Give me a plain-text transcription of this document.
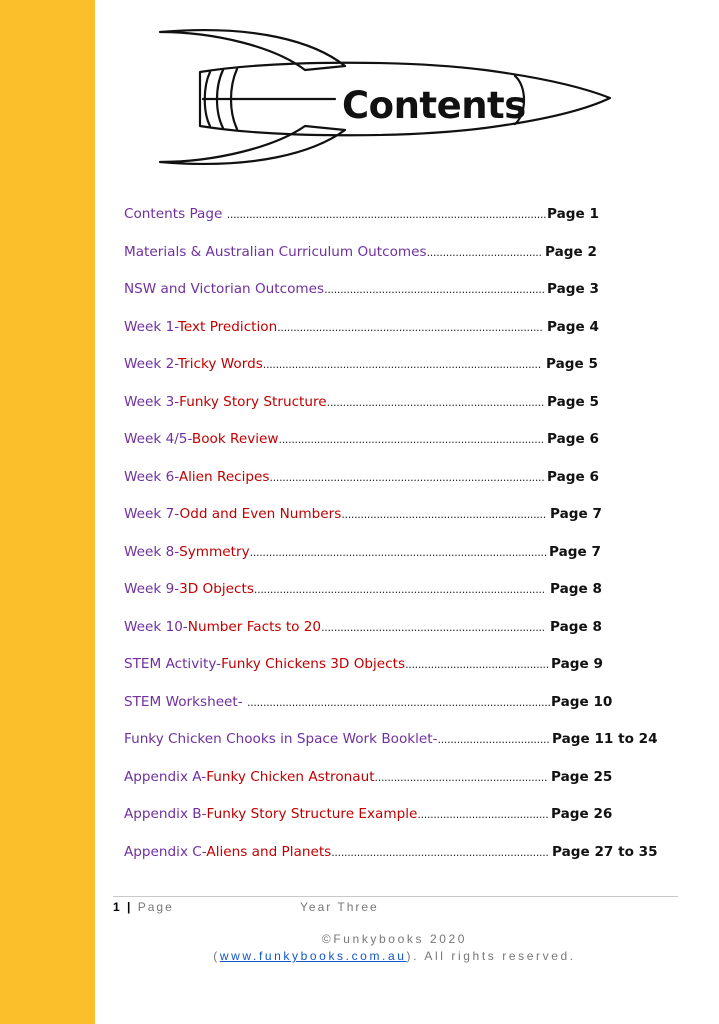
Contents
Contents Page .................................................................................................... Page 1
Materials & Australian Curriculum Outcomes.................................... Page 2
NSW and Victorian Outcomes..................................................................... Page 3
Week 1-Text Prediction................................................................................... Page 4
Week 2-Tricky Words....................................................................................... Page 5
Week 3-Funky Story Structure.................................................................... Page 5
Week 4/5-Book Review................................................................................... Page 6
Week 6-Alien Recipes...................................................................................... Page 6
Week 7-Odd and Even Numbers................................................................ Page 7
Week 8-Symmetry............................................................................................. Page 7
Week 9-3D Objects........................................................................................... Page 8
Week 10-Number Facts to 20...................................................................... Page 8
STEM Activity-Funky Chickens 3D Objects............................................. Page 9
STEM Worksheet- ............................................................................................... Page 10
Funky Chicken Chooks in Space Work Booklet-................................... Page 11 to 24
Appendix A-Funky Chicken Astronaut...................................................... Page 25
Appendix B-Funky Story Structure Example......................................... Page 26
Appendix C-Aliens and Planets.................................................................... Page 27 to 35
1 | Page	Year Three
©Funkybooks 2020
(www.funkybooks.com.au). All rights reserved.
